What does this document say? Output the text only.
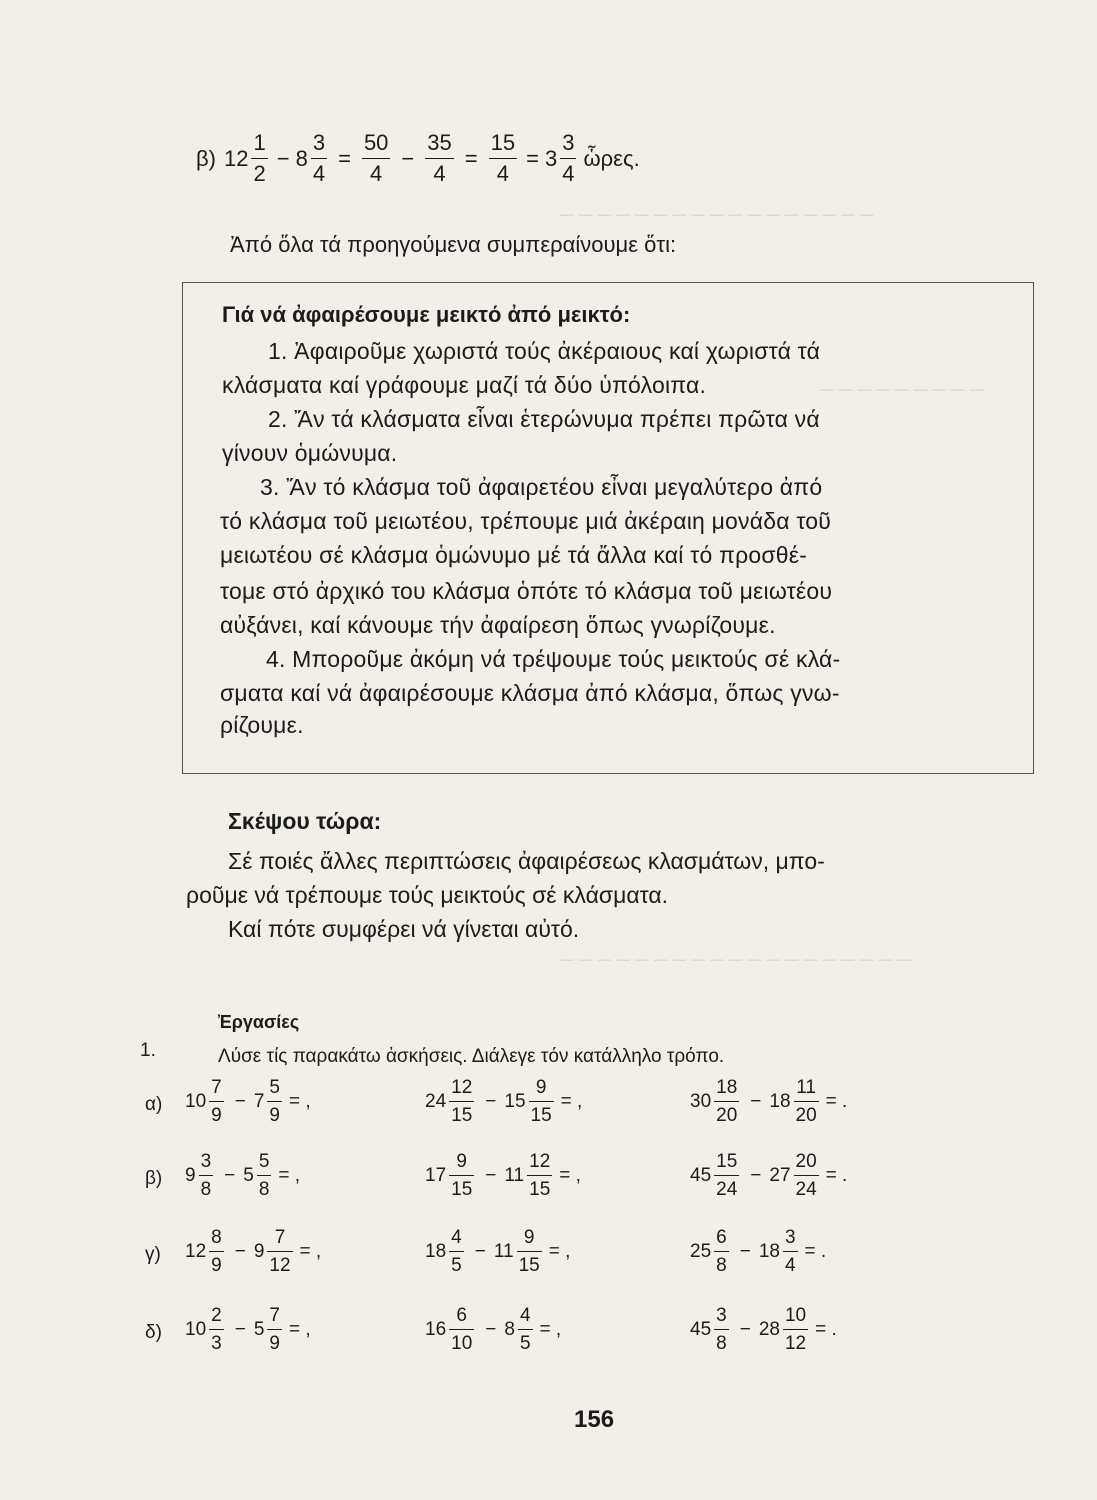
─ ─ ─ ─ ─ ─ ─ ─ ─ ─ ─ ─ ─ ─ ─ ─ ─
─ ─ ─ ─ ─ ─ ─ ─ ─
─ ─ ─ ─ ─ ─ ─ ─ ─ ─ ─ ─ ─ ─ ─ ─ ─ ─ ─
β) $12 \frac{1}{2} - 8 \frac{3}{4} = \frac{50}{4} - \frac{35}{4} = \frac{15}{4} = 3 \frac{3}{4}$ ὧρες.
Ἀπό ὅλα τά προηγούμενα συμπεραίνουμε ὅτι:
Γιά νά ἀφαιρέσουμε μεικτό ἀπό μεικτό:
1. Ἀφαιροῦμε χωριστά τούς ἀκέραιους καί χωριστά τά
κλάσματα καί γράφουμε μαζί τά δύο ὑπόλοιπα.
2. Ἄν τά κλάσματα εἶναι ἑτερώνυμα πρέπει πρῶτα νά
γίνουν ὁμώνυμα.
3. Ἄν τό κλάσμα τοῦ ἀφαιρετέου εἶναι μεγαλύτερο ἀπό
τό κλάσμα τοῦ μειωτέου, τρέπουμε μιά ἀκέραιη μονάδα τοῦ
μειωτέου σέ κλάσμα ὁμώνυμο μέ τά ἄλλα καί τό προσθέ-
τομε στό ἀρχικό του κλάσμα ὁπότε τό κλάσμα τοῦ μειωτέου
αὐξάνει, καί κάνουμε τήν ἀφαίρεση ὅπως γνωρίζουμε.
4. Μποροῦμε ἀκόμη νά τρέψουμε τούς μεικτούς σέ κλά-
σματα καί νά ἀφαιρέσουμε κλάσμα ἀπό κλάσμα, ὅπως γνω-
ρίζουμε.
Σκέψου τώρα:
Σέ ποιές ἄλλες περιπτώσεις ἀφαιρέσεως κλασμάτων, μπο-
ροῦμε νά τρέπουμε τούς μεικτούς σέ κλάσματα.
Καί πότε συμφέρει νά γίνεται αὐτό.
Ἐργασίες
1.	Λύσε τίς παρακάτω ἀσκήσεις. Διάλεγε τόν κατάλληλο τρόπο.
α) $10 \frac{7}{9} - 7 \frac{5}{9}$ = ,	$24 \frac{12}{15} - 15 \frac{9}{15}$ = ,	$30 \frac{18}{20} - 18 \frac{11}{20}$ = .
β) $9 \frac{3}{8} - 5 \frac{5}{8}$ = ,	$17 \frac{9}{15} - 11 \frac{12}{15}$ = ,	$45 \frac{15}{24} - 27 \frac{20}{24}$ = .
γ) $12 \frac{8}{9} - 9 \frac{7}{12}$ = ,	$18 \frac{4}{5} - 11 \frac{9}{15}$ = ,	$25 \frac{6}{8} - 18 \frac{3}{4}$ = .
δ) $10 \frac{2}{3} - 5 \frac{7}{9}$ = ,	$16 \frac{6}{10} - 8 \frac{4}{5}$ = ,	$45 \frac{3}{8} - 28 \frac{10}{12}$ = .
156
